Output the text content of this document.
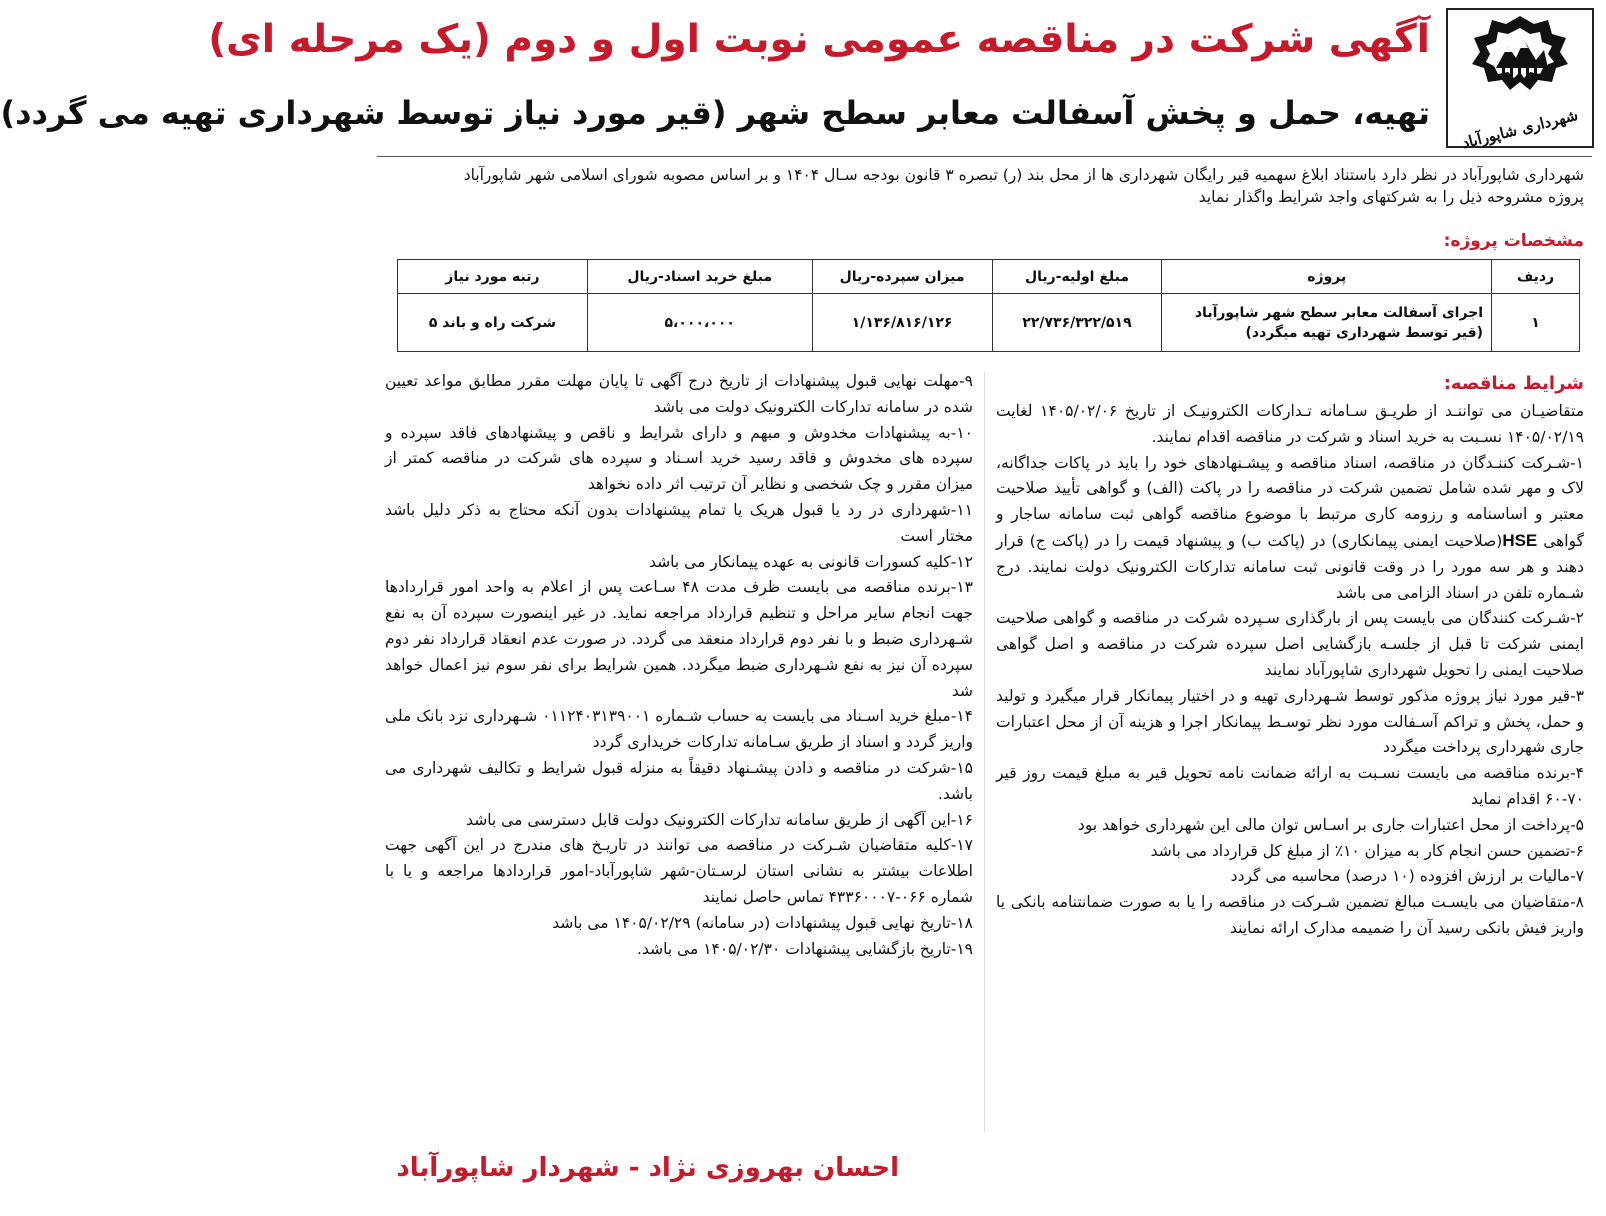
شهرداری شاپورآباد
آگهی شرکت در مناقصه عمومی نوبت اول و دوم (یک مرحله ای)
تهیه، حمل و پخش آسفالت معابر سطح شهر (قیر مورد نیاز توسط شهرداری تهیه می گردد)

شهرداری شاپورآباد در نظر دارد باستناد ابلاغ سهمیه قیر رایگان شهرداری ها از محل بند (ر) تبصره ۳ قانون بودجه سـال ۱۴۰۴ و بر اساس مصوبه شورای اسلامی شهر شاپورآباد

پروژه مشروحه ذیل را به شرکتهای واجد شرایط واگذار نماید

مشخصات پروژه:
ردیف	پروژه	مبلغ اولیه-ریال	میزان سپرده-ریال	مبلغ خرید اسناد-ریال	رتبه مورد نیاز
۱	اجرای آسفالت معابر سطح شهر شاپورآباد (قیر توسط شهرداری تهیه میگردد)	۲۲/۷۳۶/۳۲۲/۵۱۹	۱/۱۳۶/۸۱۶/۱۲۶	۵،۰۰۰،۰۰۰	شرکت راه و باند ۵

شرایط مناقصه:

متقاضیـان می تواننـد از طریـق سـامانه تـدارکات الکترونیـک از تاریخ ۱۴۰۵/۰۲/۰۶ لغایت ۱۴۰۵/۰۲/۱۹ نسـبت به خرید اسناد و شرکت در مناقصه اقدام نمایند.

۱-شـرکت کننـدگان در مناقصه، اسناد مناقصه و پیشـنهادهای خود را باید در پاکات جداگانه، لاک و مهر شده شامل تضمین شرکت در مناقصه را در پاکت (الف) و گواهی تأیید صلاحیت معتبر و اساسنامه و رزومه کاری مرتبط با موضوع مناقصه گواهی ثبت سامانه ساجار و گواهی HSE(صلاحیت ایمنی پیمانکاری) در (پاکت ب) و پیشنهاد قیمت را در (پاکت ج) قرار دهند و هر سه مورد را در وقت قانونی ثبت سامانه تدارکات الکترونیک دولت نمایند. درج شـماره تلفن در اسناد الزامی می باشد

۲-شـرکت کنندگان می بایست پس از بارگذاری سـپرده شرکت در مناقصه و گواهی صلاحیت ایمنی شرکت تا قبل از جلسـه بازگشایی اصل سپرده شرکت در مناقصه و اصل گواهی صلاحیت ایمنی را تحویل شهرداری شاپورآباد نمایند

۳-قیر مورد نیاز پروژه مذکور توسط شـهرداری تهیه و در اختیار پیمانکار قرار میگیرد و تولید و حمل، پخش و تراکم آسـفالت مورد نظر توسـط پیمانکار اجرا و هزینه آن از محل اعتبارات جاری شهرداری پرداخت میگردد

۴-برنده مناقصه می بایست نسـبت به ارائه ضمانت نامه تحویل قیر به مبلغ قیمت روز قیر ۷۰-۶۰ اقدام نماید

۵-پرداخت از محل اعتبارات جاری بر اسـاس توان مالی این شهرداری خواهد بود

۶-تضمین حسن انجام کار به میزان ۱۰٪ از مبلغ کل قرارداد می باشد

۷-مالیات بر ارزش افزوده (۱۰ درصد) محاسبه می گردد

۸-متقاضیان می بایسـت مبالغ تضمین شـرکت در مناقصه را یا به صورت ضمانتنامه بانکی یا واریز فیش بانکی رسید آن را ضمیمه مدارک ارائه نمایند

۹-مهلت نهایی قبول پیشنهادات از تاریخ درج آگهی تا پایان مهلت مقرر مطابق مواعد تعیین شده در سامانه تدارکات الکترونیک دولت می باشد

۱۰-به پیشنهادات مخدوش و مبهم و دارای شرایط و ناقص و پیشنهادهای فاقد سپرده و سپرده های مخدوش و فاقد رسید خرید اسـناد و سپرده های شرکت در مناقصه کمتر از میزان مقرر و چک شخصی و نظایر آن ترتیب اثر داده نخواهد

۱۱-شهرداری در رد یا قبول هریک یا تمام پیشنهادات بدون آنکه محتاج به ذکر دلیل باشد مختار است

۱۲-کلیه کسورات قانونی به عهده پیمانکار می باشد

۱۳-برنده مناقصه می بایست ظرف مدت ۴۸ سـاعت پس از اعلام به واحد امور قراردادها جهت انجام سایر مراحل و تنظیم قرارداد مراجعه نماید. در غیر اینصورت سپرده آن به نفع شـهرداری ضبط و با نفر دوم قرارداد منعقد می گردد. در صورت عدم انعقاد قرارداد نفر دوم سپرده آن نیز به نفع شـهرداری ضبط میگردد. همین شرایط برای نفر سوم نیز اعمال خواهد شد

۱۴-مبلغ خرید اسـناد می بایست به حساب شـماره ۰۱۱۲۴۰۳۱۳۹۰۰۱ شـهرداری نزد بانک ملی واریز گردد و اسناد از طریق سـامانه تدارکات خریداری گردد

۱۵-شرکت در مناقصه و دادن پیشـنهاد دقیقاً به منزله قبول شرایط و تکالیف شهرداری می باشد.

۱۶-این آگهی از طریق سامانه تدارکات الکترونیک دولت قابل دسترسی می باشد

۱۷-کلیه متقاضیان شـرکت در مناقصه می توانند در تاریـخ های مندرج در این آگهی جهت اطلاعات بیشتر به نشانی استان لرسـتان-شهر شاپورآباد-امور قراردادها مراجعه و یا با شماره ۰۶۶-۴۳۳۶۰۰۰۷ تماس حاصل نمایند

۱۸-تاریخ نهایی قبول پیشنهادات (در سامانه) ۱۴۰۵/۰۲/۲۹ می باشد

۱۹-تاریخ بازگشایی پیشنهادات ۱۴۰۵/۰۲/۳۰ می باشد.

احسان بهروزی نژاد - شهردار شاپورآباد
